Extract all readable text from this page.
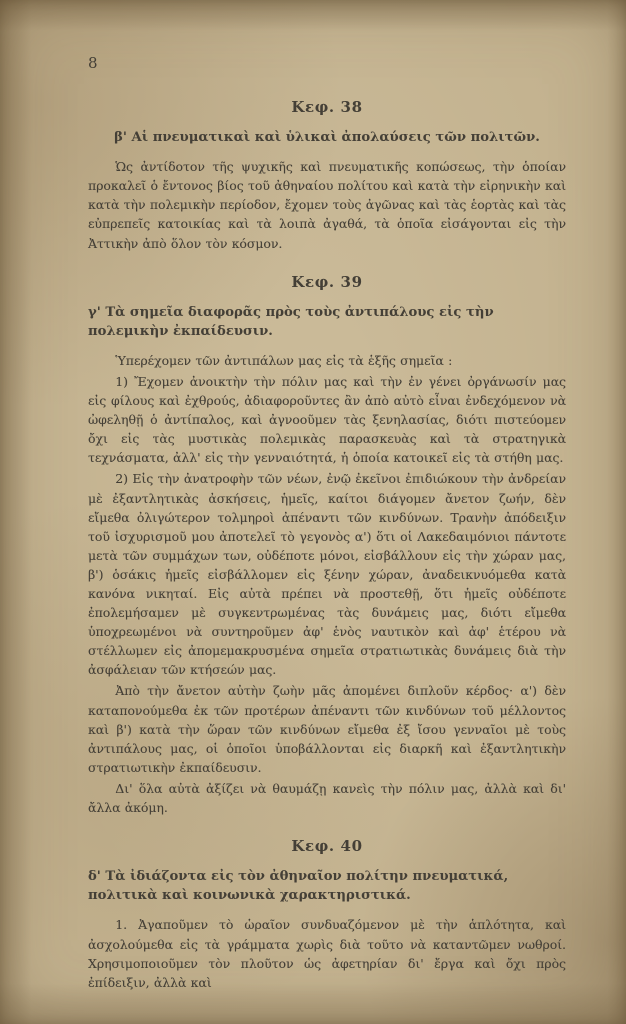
8
Κεφ. 38
β' Αἱ πνευματικαὶ καὶ ὑλικαὶ ἀπολαύσεις τῶν πολιτῶν.

Ὡς ἀντίδοτον τῆς ψυχικῆς καὶ πνευματικῆς κοπώσεως, τὴν ὁποίαν προκαλεῖ ὁ ἔντονος βίος τοῦ ἀθηναίου πολίτου καὶ κατὰ τὴν εἰρηνικὴν καὶ κατὰ τὴν πολεμικὴν περίοδον, ἔχομεν τοὺς ἀγῶνας καὶ τὰς ἑορτὰς καὶ τὰς εὐπρεπεῖς κατοικίας καὶ τὰ λοιπὰ ἀγαθά, τὰ ὁποῖα εἰσάγονται εἰς τὴν Ἀττικὴν ἀπὸ ὅλον τὸν κόσμον.

Κεφ. 39
γ' Τὰ σημεῖα διαφορᾶς πρὸς τοὺς ἀντιπάλους εἰς τὴν πολεμικὴν ἐκπαίδευσιν.

Ὑπερέχομεν τῶν ἀντιπάλων μας εἰς τὰ ἑξῆς σημεῖα :

1) Ἔχομεν ἀνοικτὴν τὴν πόλιν μας καὶ τὴν ἐν γένει ὀργάνωσίν μας εἰς φίλους καὶ ἐχθρούς, ἀδιαφοροῦντες ἂν ἀπὸ αὐτὸ εἶναι ἐνδεχόμενον νὰ ὠφεληθῇ ὁ ἀντίπαλος, καὶ ἀγνοοῦμεν τὰς ξενηλασίας, διότι πιστεύομεν ὄχι εἰς τὰς μυστικὰς πολεμικὰς παρασκευὰς καὶ τὰ στρατηγικὰ τεχνάσματα, ἀλλ' εἰς τὴν γενναιότητά, ἡ ὁποία κατοικεῖ εἰς τὰ στήθη μας.

2) Εἰς τὴν ἀνατροφὴν τῶν νέων, ἐνῷ ἐκεῖνοι ἐπιδιώκουν τὴν ἀνδρείαν μὲ ἐξαντλητικὰς ἀσκήσεις, ἡμεῖς, καίτοι διάγομεν ἄνετον ζωήν, δὲν εἴμεθα ὀλιγώτερον τολμηροὶ ἀπέναντι τῶν κινδύνων. Τρανὴν ἀπόδειξιν τοῦ ἰσχυρισμοῦ μου ἀποτελεῖ τὸ γεγονὸς α') ὅτι οἱ Λακεδαιμόνιοι πάντοτε μετὰ τῶν συμμάχων των, οὐδέποτε μόνοι, εἰσβάλλουν εἰς τὴν χώραν μας, β') ὁσάκις ἡμεῖς εἰσβάλλομεν εἰς ξένην χώραν, ἀναδεικνυόμεθα κατὰ κανόνα νικηταί. Εἰς αὐτὰ πρέπει νὰ προστεθῇ, ὅτι ἡμεῖς οὐδέποτε ἐπολεμήσαμεν μὲ συγκεντρωμένας τὰς δυνάμεις μας, διότι εἴμεθα ὑποχρεωμένοι νὰ συντηροῦμεν ἀφ' ἑνὸς ναυτικὸν καὶ ἀφ' ἑτέρου νὰ στέλλωμεν εἰς ἀπομεμακρυσμένα σημεῖα στρατιωτικὰς δυνάμεις διὰ τὴν ἀσφάλειαν τῶν κτήσεών μας.

Ἀπὸ τὴν ἄνετον αὐτὴν ζωὴν μᾶς ἀπομένει διπλοῦν κέρδος· α') δὲν καταπονούμεθα ἐκ τῶν προτέρων ἀπέναντι τῶν κινδύνων τοῦ μέλλοντος καὶ β') κατὰ τὴν ὥραν τῶν κινδύνων εἴμεθα ἐξ ἴσου γενναῖοι μὲ τοὺς ἀντιπάλους μας, οἱ ὁποῖοι ὑποβάλλονται εἰς διαρκῆ καὶ ἐξαντλητικὴν στρατιωτικὴν ἐκπαίδευσιν.

Δι' ὅλα αὐτὰ ἀξίζει νὰ θαυμάζῃ κανεὶς τὴν πόλιν μας, ἀλλὰ καὶ δι' ἄλλα ἀκόμη.

Κεφ. 40
δ' Τὰ ἰδιάζοντα εἰς τὸν ἀθηναῖον πολίτην πνευματικά, πολιτικὰ καὶ κοινωνικὰ χαρακτηριστικά.

1. Ἀγαποῦμεν τὸ ὡραῖον συνδυαζόμενον μὲ τὴν ἁπλότητα, καὶ ἀσχολούμεθα εἰς τὰ γράμματα χωρὶς διὰ τοῦτο νὰ καταντῶμεν νωθροί. Χρησιμοποιοῦμεν τὸν πλοῦτον ὡς ἀφετηρίαν δι' ἔργα καὶ ὄχι πρὸς ἐπίδειξιν, ἀλλὰ καὶ
